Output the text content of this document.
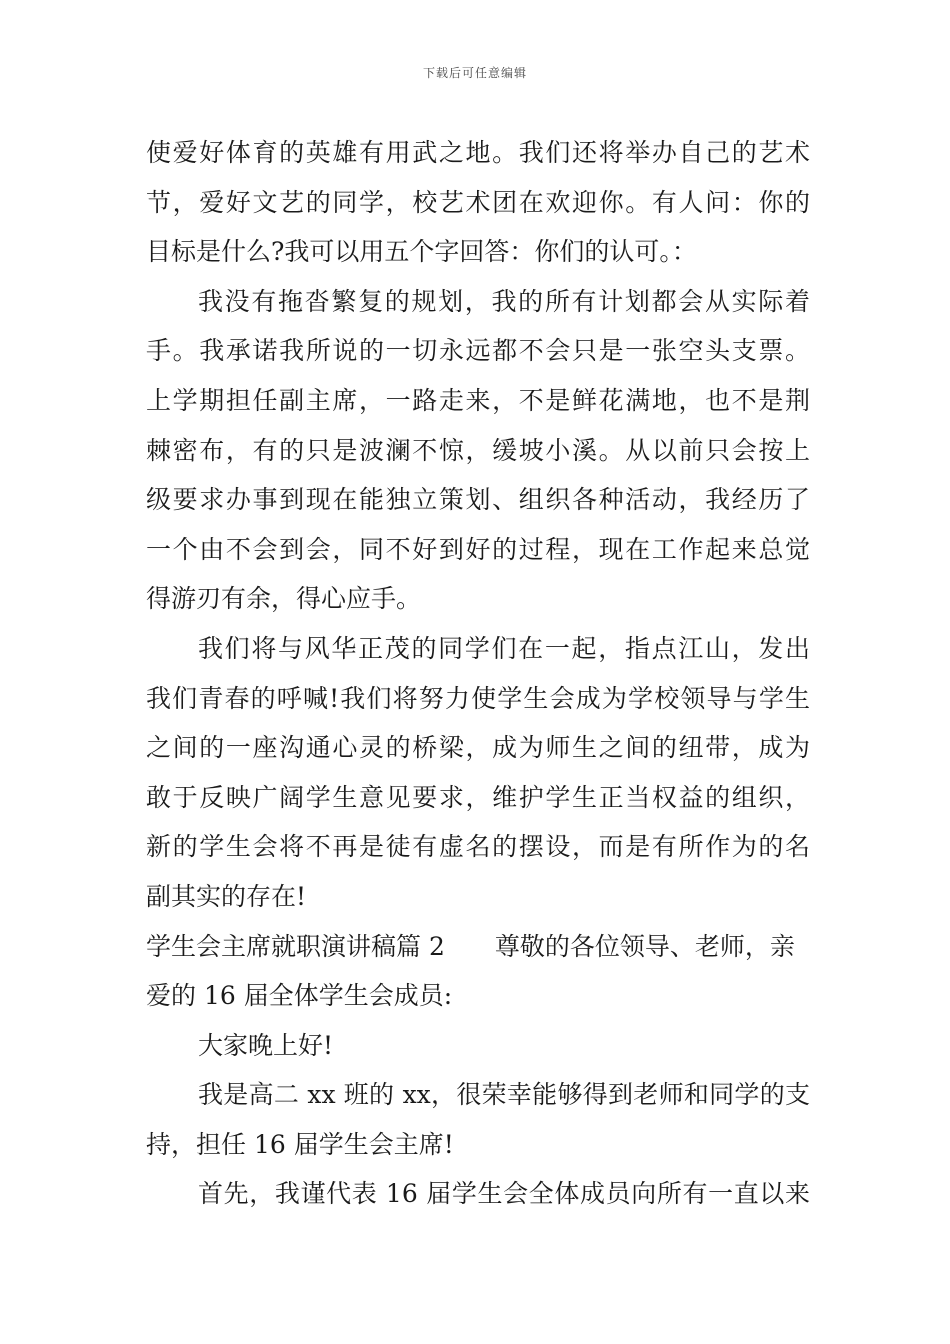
下载后可任意编辑
使爱好体育的英雄有用武之地。我们还将举办自己的艺术
节，爱好文艺的同学，校艺术团在欢迎你。有人问：你的
目标是什么?我可以用五个字回答：你们的认可。：
我没有拖沓繁复的规划，我的所有计划都会从实际着
手。我承诺我所说的一切永远都不会只是一张空头支票。
上学期担任副主席，一路走来，不是鲜花满地，也不是荆
棘密布，有的只是波澜不惊，缓坡小溪。从以前只会按上
级要求办事到现在能独立策划、组织各种活动，我经历了
一个由不会到会，同不好到好的过程，现在工作起来总觉
得游刃有余，得心应手。
我们将与风华正茂的同学们在一起，指点江山，发出
我们青春的呼喊!我们将努力使学生会成为学校领导与学生
之间的一座沟通心灵的桥梁，成为师生之间的纽带，成为
敢于反映广阔学生意见要求，维护学生正当权益的组织，
新的学生会将不再是徒有虚名的摆设，而是有所作为的名
副其实的存在!
学生会主席就职演讲稿篇 2　　尊敬的各位领导、老师，亲
爱的 16 届全体学生会成员:
大家晚上好!
我是高二 xx 班的 xx，很荣幸能够得到老师和同学的支
持，担任 16 届学生会主席!
首先，我谨代表 16 届学生会全体成员向所有一直以来
